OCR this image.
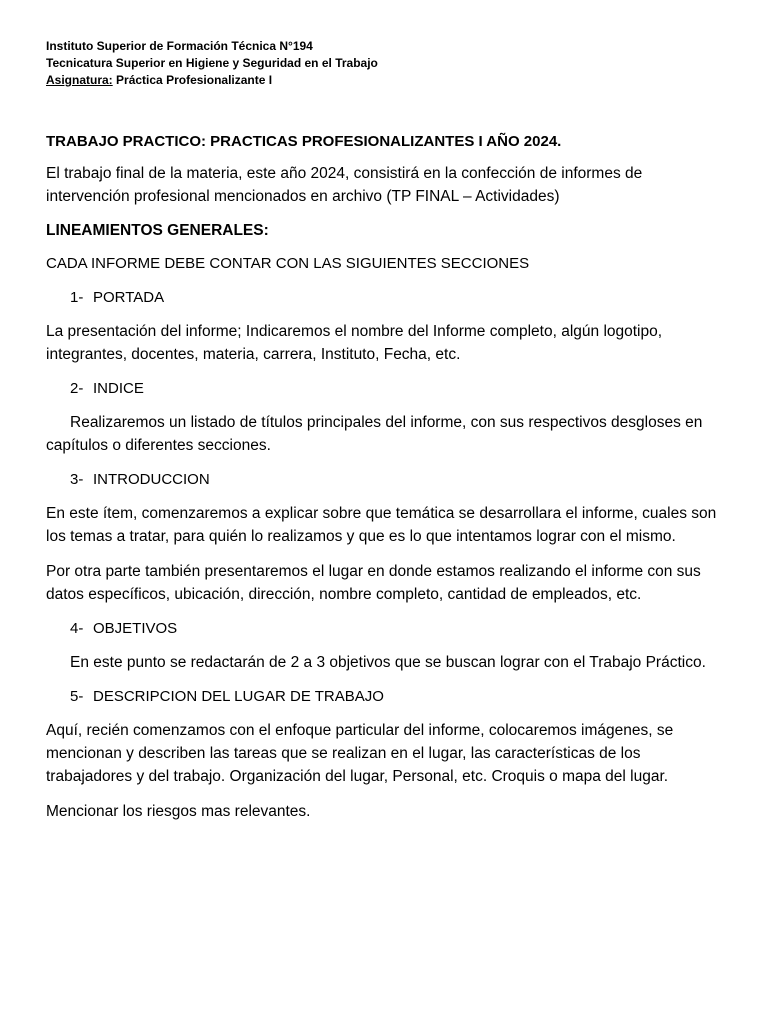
Instituto Superior de Formación Técnica N°194

Tecnicatura Superior en Higiene y Seguridad en el Trabajo

Asignatura: Práctica Profesionalizante I

TRABAJO PRACTICO: PRACTICAS PROFESIONALIZANTES I AÑO 2024.

El trabajo final de la materia, este año 2024, consistirá en la confección de informes de intervención profesional mencionados en archivo (TP FINAL – Actividades)

LINEAMIENTOS GENERALES:

CADA INFORME DEBE CONTAR CON LAS SIGUIENTES SECCIONES

1- PORTADA

La presentación del informe; Indicaremos el nombre del Informe completo, algún logotipo, integrantes, docentes, materia, carrera, Instituto, Fecha, etc.

2- INDICE

Realizaremos un listado de títulos principales del informe, con sus respectivos desgloses en capítulos o diferentes secciones.

3- INTRODUCCION

En este ítem, comenzaremos a explicar sobre que temática se desarrollara el informe, cuales son los temas a tratar, para quién lo realizamos y que es lo que intentamos lograr con el mismo.

Por otra parte también presentaremos el lugar en donde estamos realizando el informe con sus datos específicos, ubicación, dirección, nombre completo, cantidad de empleados, etc.

4- OBJETIVOS

En este punto se redactarán de 2 a 3 objetivos que se buscan lograr con el Trabajo Práctico.

5- DESCRIPCION DEL LUGAR DE TRABAJO

Aquí, recién comenzamos con el enfoque particular del informe, colocaremos imágenes, se mencionan y describen las tareas que se realizan en el lugar, las características de los trabajadores y del trabajo. Organización del lugar, Personal, etc. Croquis o mapa del lugar.

Mencionar los riesgos mas relevantes.
